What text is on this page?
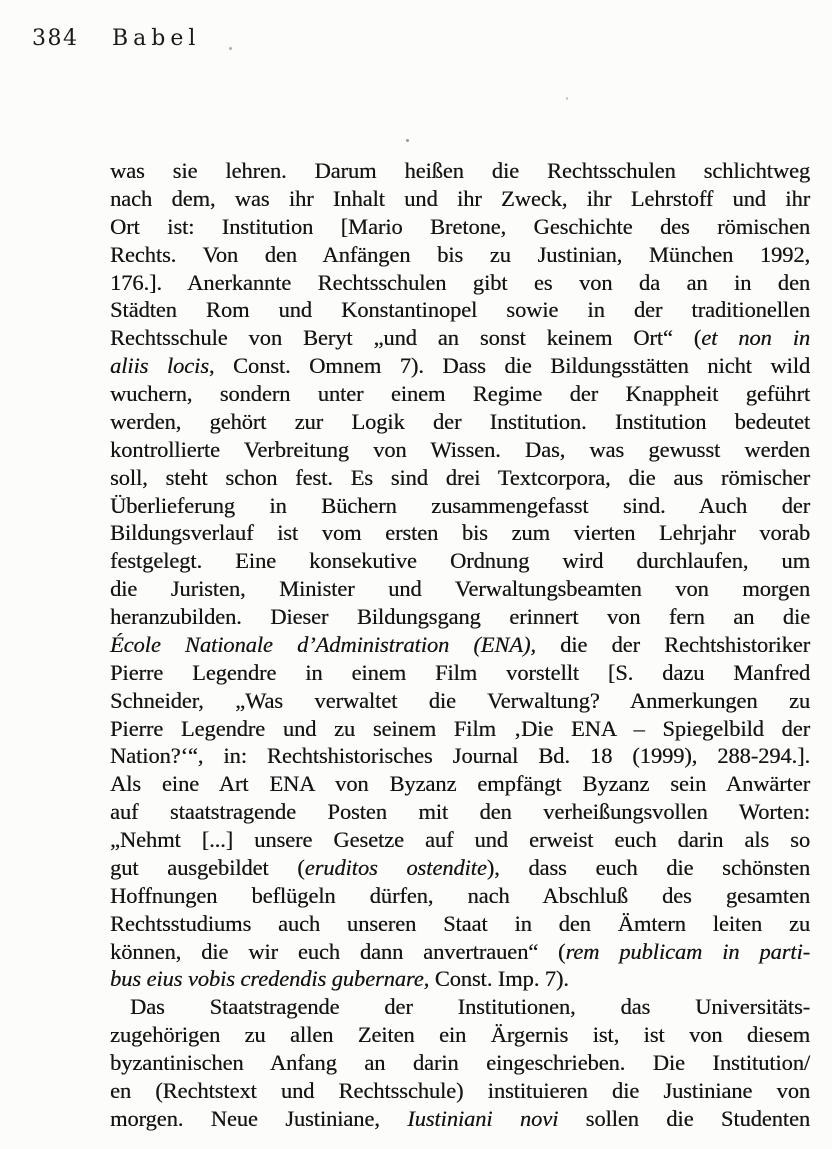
384 Babel
was sie lehren. Darum heißen die Rechtsschulen schlichtweg
nach dem, was ihr Inhalt und ihr Zweck, ihr Lehrstoff und ihr
Ort ist: Institution [Mario Bretone, Geschichte des römischen
Rechts. Von den Anfängen bis zu Justinian, München 1992,
176.]. Anerkannte Rechtsschulen gibt es von da an in den
Städten Rom und Konstantinopel sowie in der traditionellen
Rechtsschule von Beryt „und an sonst keinem Ort“ (et non in
aliis locis, Const. Omnem 7). Dass die Bildungsstätten nicht wild
wuchern, sondern unter einem Regime der Knappheit geführt
werden, gehört zur Logik der Institution. Institution bedeutet
kontrollierte Verbreitung von Wissen. Das, was gewusst werden
soll, steht schon fest. Es sind drei Textcorpora, die aus römischer
Überlieferung in Büchern zusammengefasst sind. Auch der
Bildungsverlauf ist vom ersten bis zum vierten Lehrjahr vorab
festgelegt. Eine konsekutive Ordnung wird durchlaufen, um
die Juristen, Minister und Verwaltungsbeamten von morgen
heranzubilden. Dieser Bildungsgang erinnert von fern an die
École Nationale d’Administration (ENA), die der Rechtshistoriker
Pierre Legendre in einem Film vorstellt [S. dazu Manfred
Schneider, „Was verwaltet die Verwaltung? Anmerkungen zu
Pierre Legendre und zu seinem Film ‚Die ENA – Spiegelbild der
Nation?‘“, in: Rechtshistorisches Journal Bd. 18 (1999), 288-294.].
Als eine Art ENA von Byzanz empfängt Byzanz sein Anwärter
auf staatstragende Posten mit den verheißungsvollen Worten:
„Nehmt [...] unsere Gesetze auf und erweist euch darin als so
gut ausgebildet (eruditos ostendite), dass euch die schönsten
Hoffnungen beflügeln dürfen, nach Abschluß des gesamten
Rechtsstudiums auch unseren Staat in den Ämtern leiten zu
können, die wir euch dann anvertrauen“ (rem publicam in parti-
bus eius vobis credendis gubernare, Const. Imp. 7).
Das Staatstragende der Institutionen, das Universitäts-
zugehörigen zu allen Zeiten ein Ärgernis ist, ist von diesem
byzantinischen Anfang an darin eingeschrieben. Die Institution/
en (Rechtstext und Rechtsschule) instituieren die Justiniane von
morgen. Neue Justiniane, Iustiniani novi sollen die Studenten
